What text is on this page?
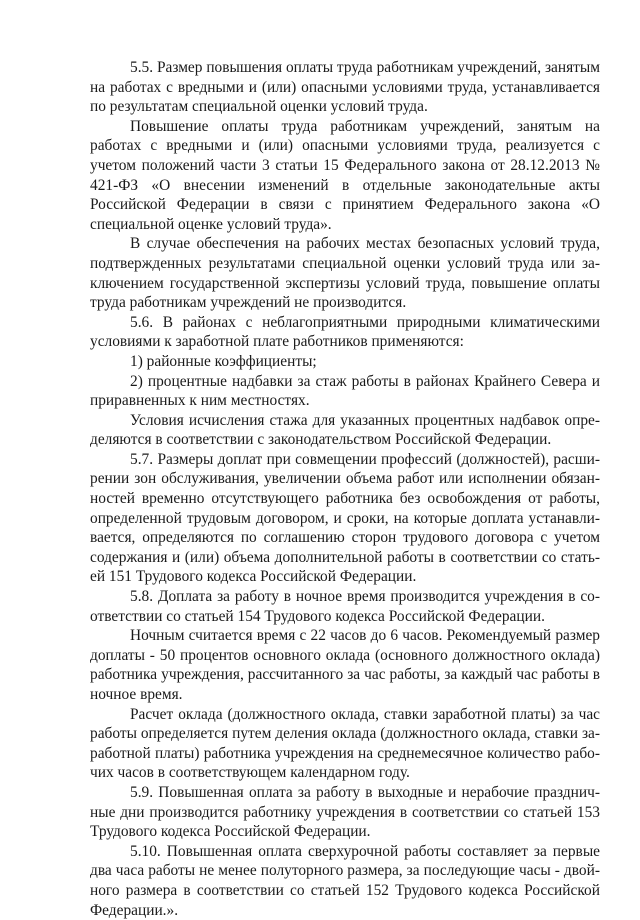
5.5. Размер повышения оплаты труда работникам учреждений, занятым на работах с вредными и (или) опасными условиями труда, устанавливается по результатам специальной оценки условий труда.

Повышение оплаты труда работникам учреждений, занятым на работах с вредными и (или) опасными условиями труда, реализуется с учетом положений части 3 статьи 15 Федерального закона от 28.12.2013 № 421-ФЗ «О внесении изменений в отдельные законодательные акты Российской Федерации в связи с принятием Федерального закона «О специальной оценке условий труда».

В случае обеспечения на рабочих местах безопасных условий труда, подтвержденных результатами специальной оценки условий труда или заключением государственной экспертизы условий труда, повышение оплаты труда работникам учреждений не производится.

5.6. В районах с неблагоприятными природными климатическими условиями к заработной плате работников применяются:

1) районные коэффициенты;

2) процентные надбавки за стаж работы в районах Крайнего Севера и приравненных к ним местностях.

Условия исчисления стажа для указанных процентных надбавок определяются в соответствии с законодательством Российской Федерации.

5.7. Размеры доплат при совмещении профессий (должностей), расширении зон обслуживания, увеличении объема работ или исполнении обязанностей временно отсутствующего работника без освобождения от работы, определенной трудовым договором, и сроки, на которые доплата устанавливается, определяются по соглашению сторон трудового договора с учетом содержания и (или) объема дополнительной работы в соответствии со статьей 151 Трудового кодекса Российской Федерации.

5.8. Доплата за работу в ночное время производится учреждения в соответствии со статьей 154 Трудового кодекса Российской Федерации.

Ночным считается время с 22 часов до 6 часов. Рекомендуемый размер доплаты - 50 процентов основного оклада (основного должностного оклада) работника учреждения, рассчитанного за час работы, за каждый час работы в ночное время.

Расчет оклада (должностного оклада, ставки заработной платы) за час работы определяется путем деления оклада (должностного оклада, ставки заработной платы) работника учреждения на среднемесячное количество рабочих часов в соответствующем календарном году.

5.9. Повышенная оплата за работу в выходные и нерабочие праздничные дни производится работнику учреждения в соответствии со статьей 153 Трудового кодекса Российской Федерации.

5.10. Повышенная оплата сверхурочной работы составляет за первые два часа работы не менее полуторного размера, за последующие часы - двойного размера в соответствии со статьей 152 Трудового кодекса Российской Федерации.».
